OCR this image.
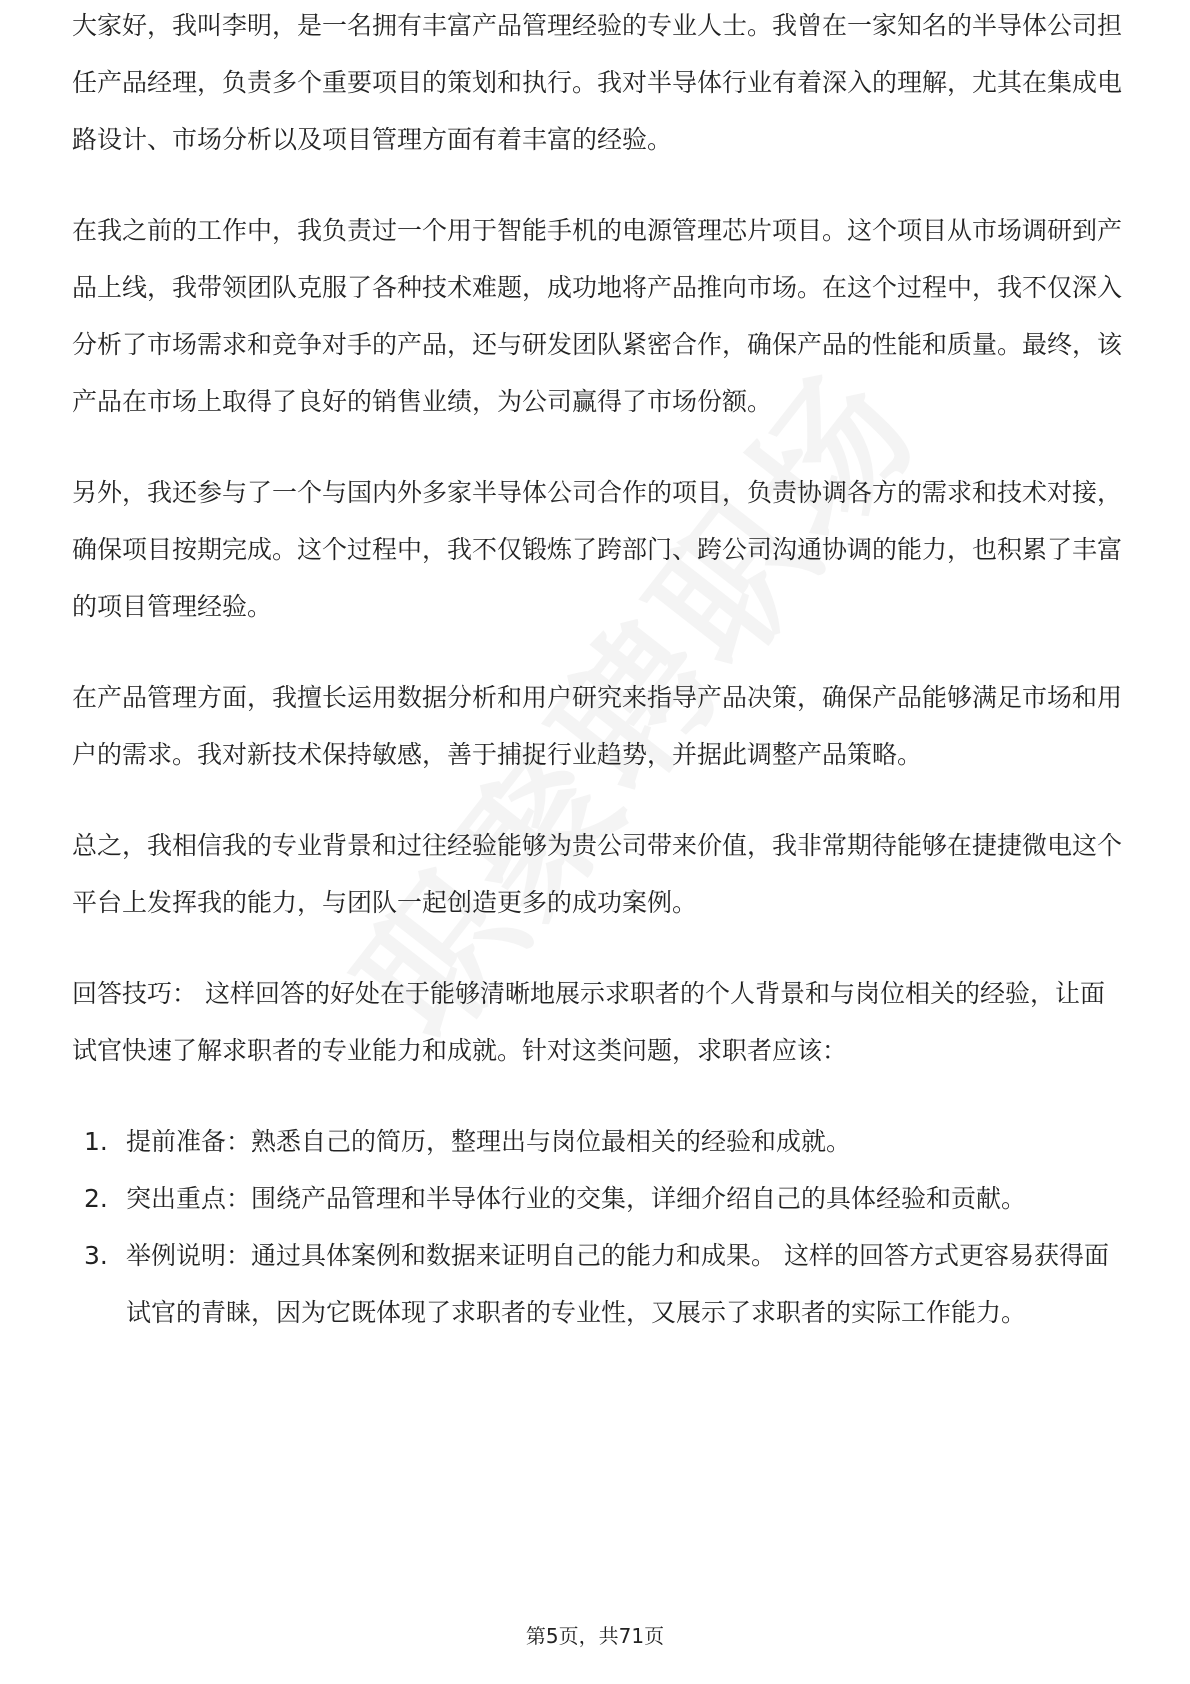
大家好，我叫李明，是一名拥有丰富产品管理经验的专业人士。我曾在一家知名的半导体公司担任产品经理，负责多个重要项目的策划和执行。我对半导体行业有着深入的理解，尤其在集成电路设计、市场分析以及项目管理方面有着丰富的经验。

在我之前的工作中，我负责过一个用于智能手机的电源管理芯片项目。这个项目从市场调研到产品上线，我带领团队克服了各种技术难题，成功地将产品推向市场。在这个过程中，我不仅深入分析了市场需求和竞争对手的产品，还与研发团队紧密合作，确保产品的性能和质量。最终，该产品在市场上取得了良好的销售业绩，为公司赢得了市场份额。

另外，我还参与了一个与国内外多家半导体公司合作的项目，负责协调各方的需求和技术对接，确保项目按期完成。这个过程中，我不仅锻炼了跨部门、跨公司沟通协调的能力，也积累了丰富的项目管理经验。

在产品管理方面，我擅长运用数据分析和用户研究来指导产品决策，确保产品能够满足市场和用户的需求。我对新技术保持敏感，善于捕捉行业趋势，并据此调整产品策略。

总之，我相信我的专业背景和过往经验能够为贵公司带来价值，我非常期待能够在捷捷微电这个平台上发挥我的能力，与团队一起创造更多的成功案例。

回答技巧： 这样回答的好处在于能够清晰地展示求职者的个人背景和与岗位相关的经验，让面试官快速了解求职者的专业能力和成就。针对这类问题，求职者应该：

1. 提前准备：熟悉自己的简历，整理出与岗位最相关的经验和成就。
2. 突出重点：围绕产品管理和半导体行业的交集，详细介绍自己的具体经验和贡献。
3. 举例说明：通过具体案例和数据来证明自己的能力和成果。 这样的回答方式更容易获得面试官的青睐，因为它既体现了求职者的专业性，又展示了求职者的实际工作能力。
第5页，共71页
